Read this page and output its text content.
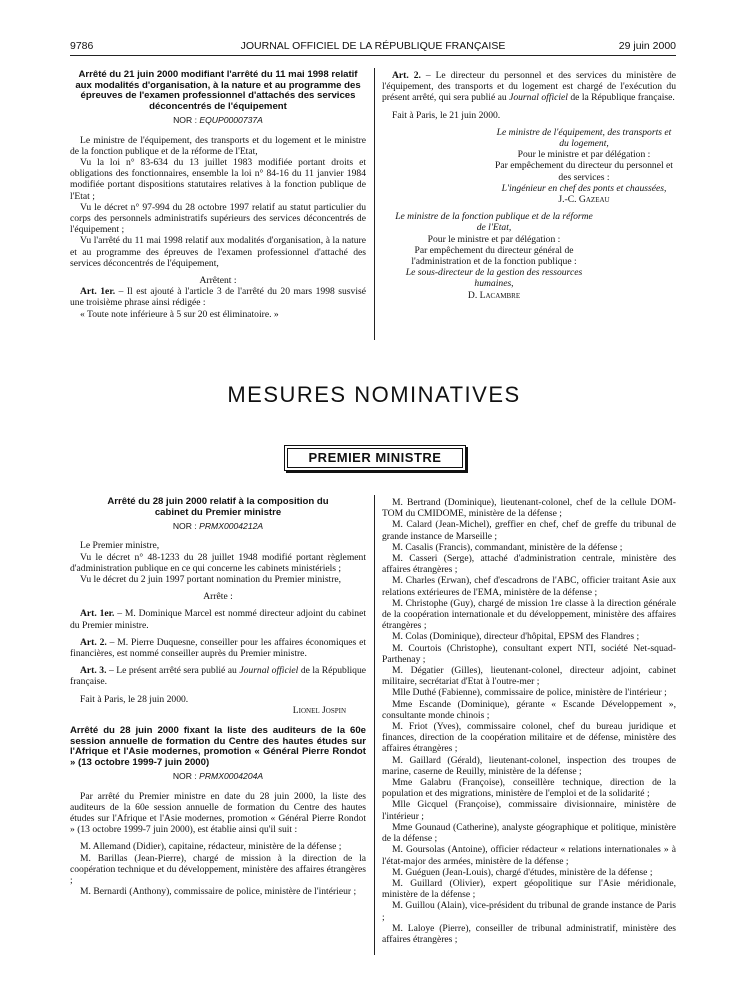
9786	JOURNAL OFFICIEL DE LA RÉPUBLIQUE FRANÇAISE	29 juin 2000

Arrêté du 21 juin 2000 modifiant l'arrêté du 11 mai 1998 relatif aux modalités d'organisation, à la nature et au programme des épreuves de l'examen professionnel d'attachés des services déconcentrés de l'équipement

NOR : EQUP0000737A

Le ministre de l'équipement, des transports et du logement et le ministre de la fonction publique et de la réforme de l'Etat,

Vu la loi n° 83-634 du 13 juillet 1983 modifiée portant droits et obligations des fonctionnaires, ensemble la loi n° 84-16 du 11 janvier 1984 modifiée portant dispositions statutaires relatives à la fonction publique de l'Etat ;

Vu le décret n° 97-994 du 28 octobre 1997 relatif au statut particulier du corps des personnels administratifs supérieurs des services déconcentrés de l'équipement ;

Vu l'arrêté du 11 mai 1998 relatif aux modalités d'organisation, à la nature et au programme des épreuves de l'examen professionnel d'attaché des services déconcentrés de l'équipement,

Arrêtent :

Art. 1er. – Il est ajouté à l'article 3 de l'arrêté du 20 mars 1998 susvisé une troisième phrase ainsi rédigée :

« Toute note inférieure à 5 sur 20 est éliminatoire. »

Art. 2. – Le directeur du personnel et des services du ministère de l'équipement, des transports et du logement est chargé de l'exécution du présent arrêté, qui sera publié au Journal officiel de la République française.

Fait à Paris, le 21 juin 2000.

Le ministre de l'équipement, des transports et du logement,
Pour le ministre et par délégation :
Par empêchement du directeur du personnel et des services :
L'ingénieur en chef des ponts et chaussées,
J.-C. Gazeau
Le ministre de la fonction publique et de la réforme de l'Etat,
Pour le ministre et par délégation :
Par empêchement du directeur général de l'administration et de la fonction publique :
Le sous-directeur de la gestion des ressources humaines,
D. Lacambre
MESURES NOMINATIVES
PREMIER MINISTRE

Arrêté du 28 juin 2000 relatif à la composition du cabinet du Premier ministre

NOR : PRMX0004212A

Le Premier ministre,

Vu le décret n° 48-1233 du 28 juillet 1948 modifié portant règlement d'administration publique en ce qui concerne les cabinets ministériels ;

Vu le décret du 2 juin 1997 portant nomination du Premier ministre,

Arrête :

Art. 1er. – M. Dominique Marcel est nommé directeur adjoint du cabinet du Premier ministre.

Art. 2. – M. Pierre Duquesne, conseiller pour les affaires économiques et financières, est nommé conseiller auprès du Premier ministre.

Art. 3. – Le présent arrêté sera publié au Journal officiel de la République française.

Fait à Paris, le 28 juin 2000.

Lionel Jospin

Arrêté du 28 juin 2000 fixant la liste des auditeurs de la 60e session annuelle de formation du Centre des hautes études sur l'Afrique et l'Asie modernes, promotion « Général Pierre Rondot » (13 octobre 1999-7 juin 2000)

NOR : PRMX0004204A

Par arrêté du Premier ministre en date du 28 juin 2000, la liste des auditeurs de la 60e session annuelle de formation du Centre des hautes études sur l'Afrique et l'Asie modernes, promotion « Général Pierre Rondot » (13 octobre 1999-7 juin 2000), est établie ainsi qu'il suit :

M. Allemand (Didier), capitaine, rédacteur, ministère de la défense ;

M. Barillas (Jean-Pierre), chargé de mission à la direction de la coopération technique et du développement, ministère des affaires étrangères ;

M. Bernardi (Anthony), commissaire de police, ministère de l'intérieur ;

M. Bertrand (Dominique), lieutenant-colonel, chef de la cellule DOM-TOM du CMIDOME, ministère de la défense ;

M. Calard (Jean-Michel), greffier en chef, chef de greffe du tribunal de grande instance de Marseille ;

M. Casalis (Francis), commandant, ministère de la défense ;

M. Casseri (Serge), attaché d'administration centrale, ministère des affaires étrangères ;

M. Charles (Erwan), chef d'escadrons de l'ABC, officier traitant Asie aux relations extérieures de l'EMA, ministère de la défense ;

M. Christophe (Guy), chargé de mission 1re classe à la direction générale de la coopération internationale et du développement, ministère des affaires étrangères ;

M. Colas (Dominique), directeur d'hôpital, EPSM des Flandres ;

M. Courtois (Christophe), consultant expert NTI, société Net-squad-Parthenay ;

M. Dégatier (Gilles), lieutenant-colonel, directeur adjoint, cabinet militaire, secrétariat d'Etat à l'outre-mer ;

Mlle Duthé (Fabienne), commissaire de police, ministère de l'intérieur ;

Mme Escande (Dominique), gérante « Escande Développement », consultante monde chinois ;

M. Friot (Yves), commissaire colonel, chef du bureau juridique et finances, direction de la coopération militaire et de défense, ministère des affaires étrangères ;

M. Gaillard (Gérald), lieutenant-colonel, inspection des troupes de marine, caserne de Reuilly, ministère de la défense ;

Mme Galabru (Françoise), conseillère technique, direction de la population et des migrations, ministère de l'emploi et de la solidarité ;

Mlle Gicquel (Françoise), commissaire divisionnaire, ministère de l'intérieur ;

Mme Gounaud (Catherine), analyste géographique et politique, ministère de la défense ;

M. Goursolas (Antoine), officier rédacteur « relations internationales » à l'état-major des armées, ministère de la défense ;

M. Guéguen (Jean-Louis), chargé d'études, ministère de la défense ;

M. Guillard (Olivier), expert géopolitique sur l'Asie méridionale, ministère de la défense ;

M. Guillou (Alain), vice-président du tribunal de grande instance de Paris ;

M. Laloye (Pierre), conseiller de tribunal administratif, ministère des affaires étrangères ;
